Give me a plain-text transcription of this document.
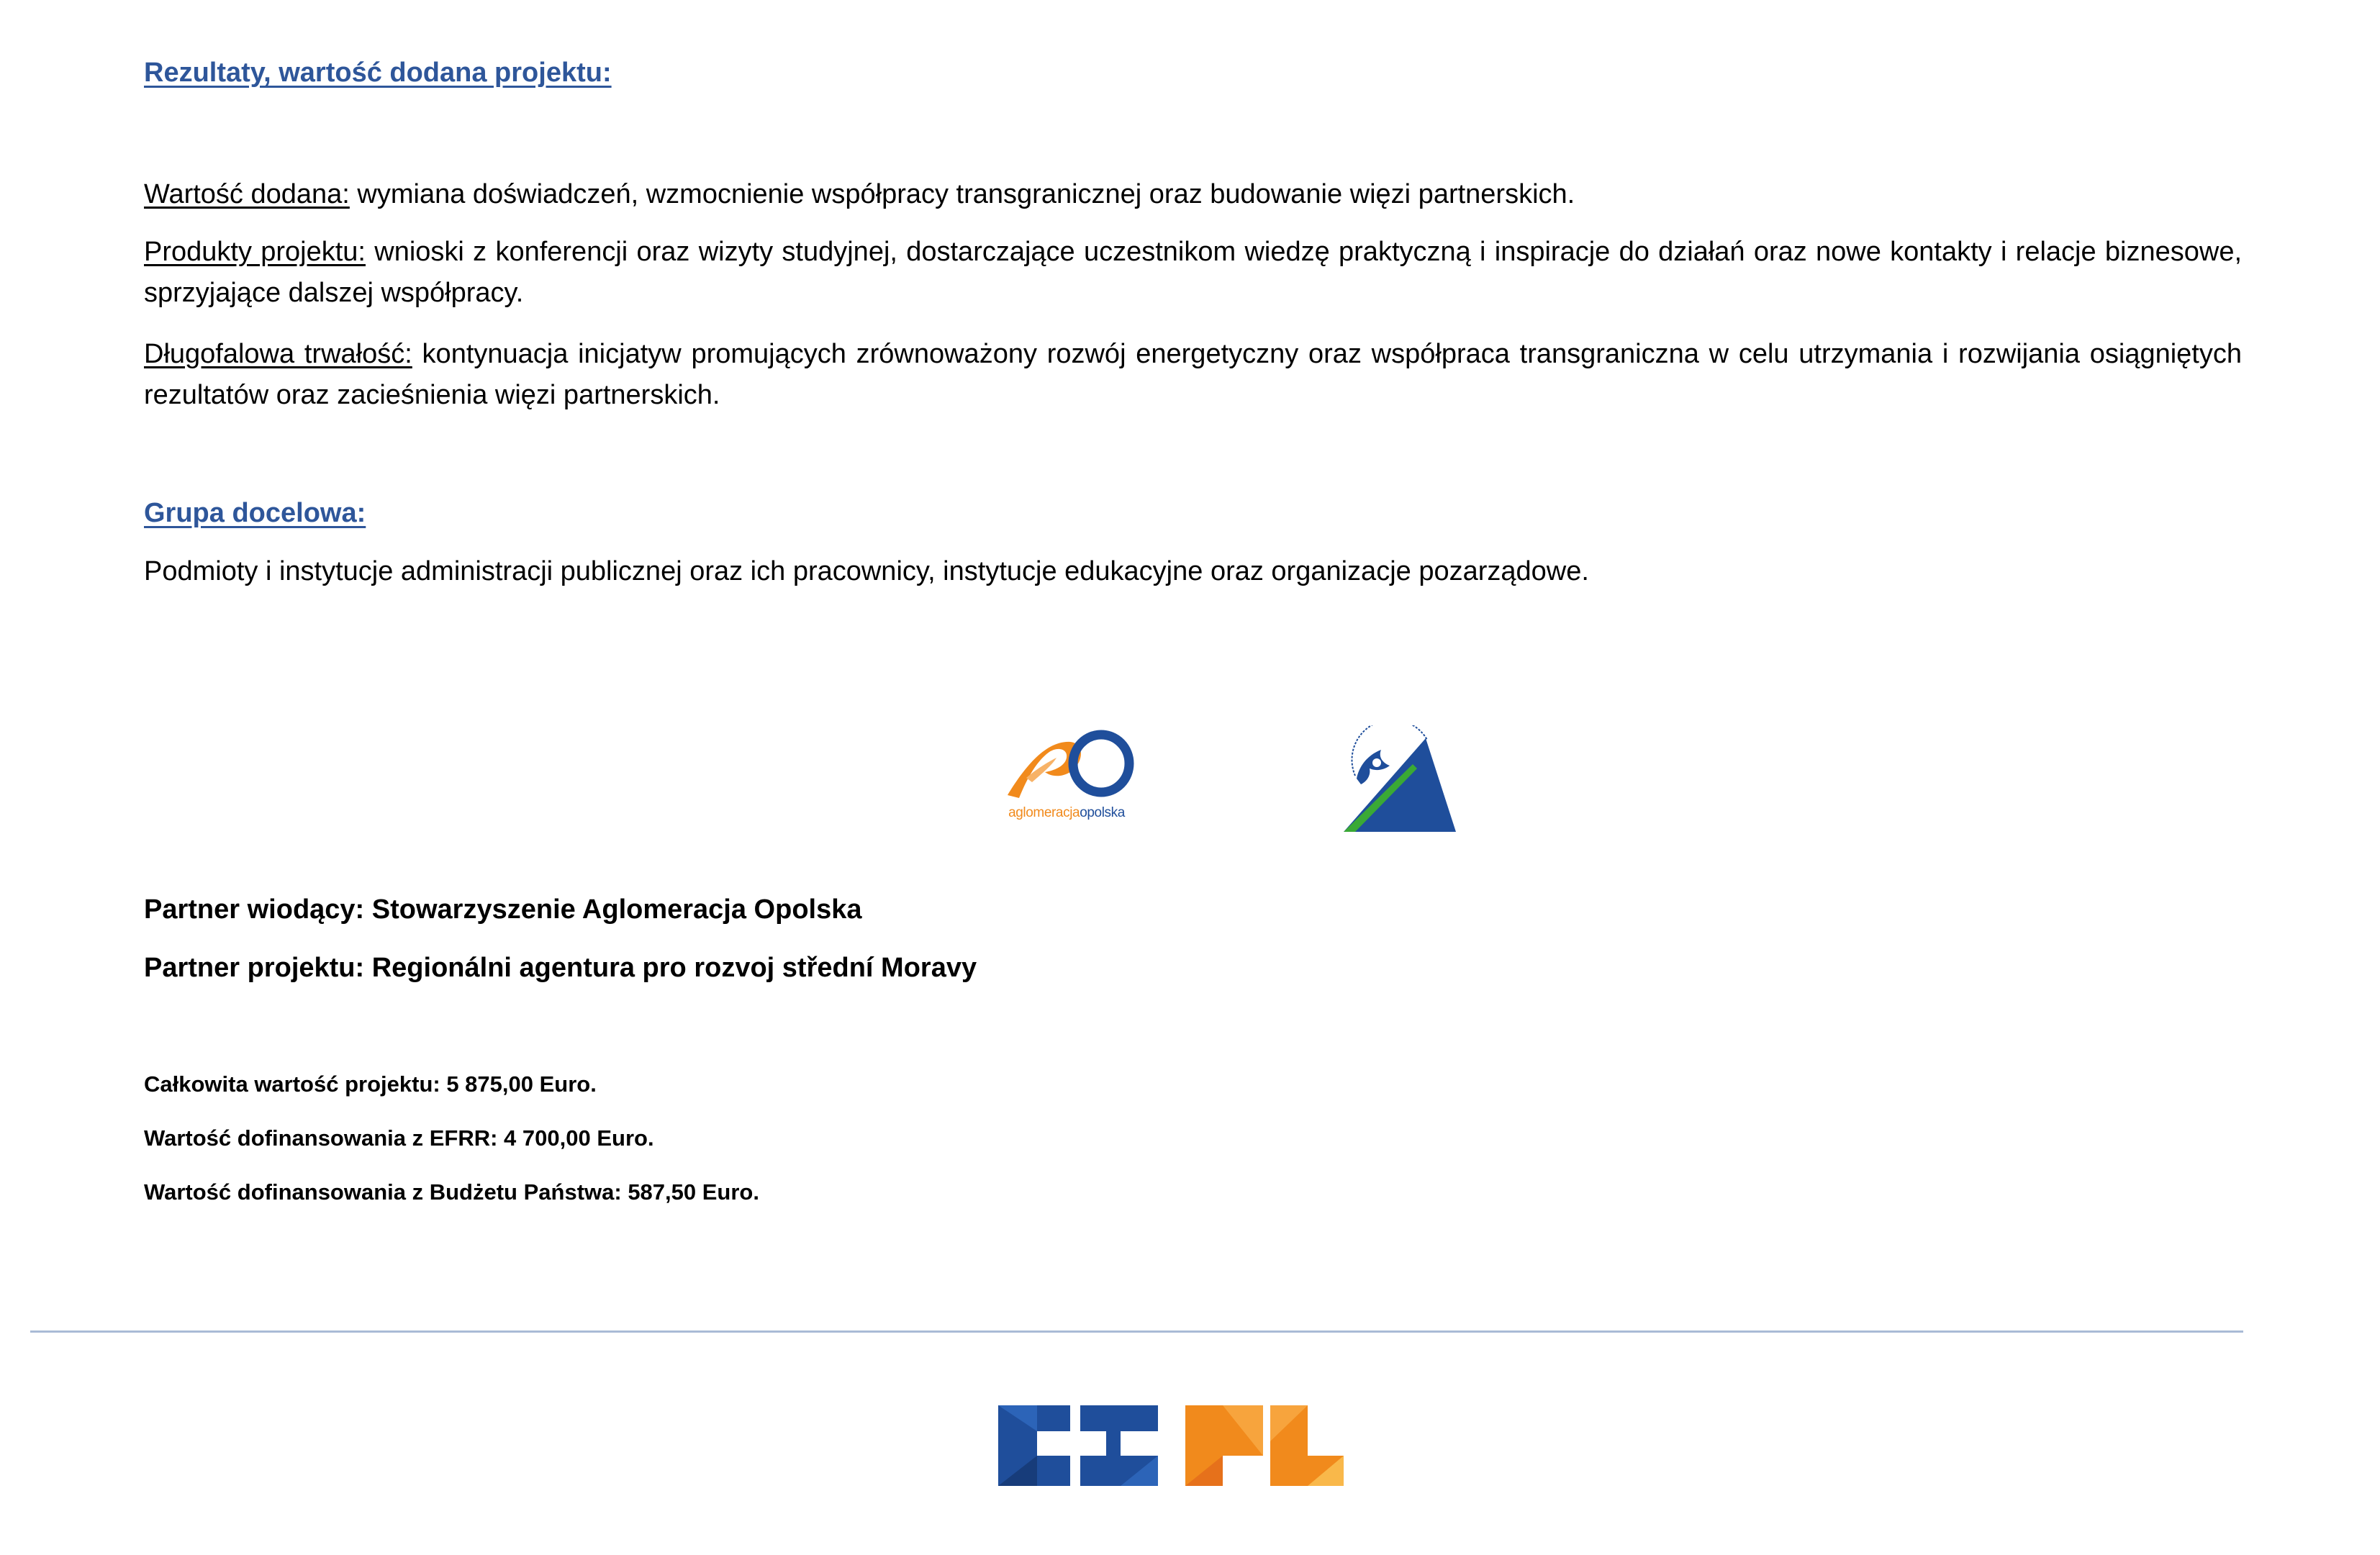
Rezultaty, wartość dodana projektu:

Wartość dodana: wymiana doświadczeń, wzmocnienie współpracy transgranicznej oraz budowanie więzi partnerskich.

Produkty projektu: wnioski z konferencji oraz wizyty studyjnej, dostarczające uczestnikom wiedzę praktyczną i inspiracje do działań oraz nowe kontakty i relacje biznesowe, sprzyjające dalszej współpracy.

Długofalowa trwałość: kontynuacja inicjatyw promujących zrównoważony rozwój energetyczny oraz współpraca transgraniczna w celu utrzymania i rozwijania osiągniętych rezultatów oraz zacieśnienia więzi partnerskich.

Grupa docelowa:

Podmioty i instytucje administracji publicznej oraz ich pracownicy, instytucje edukacyjne oraz organizacje pozarządowe.

aglomeracjaopolska

Partner wiodący: Stowarzyszenie Aglomeracja Opolska

Partner projektu: Regionálni agentura pro rozvoj střední Moravy

Całkowita wartość projektu: 5 875,00 Euro.

Wartość dofinansowania z EFRR: 4 700,00 Euro.

Wartość dofinansowania z Budżetu Państwa: 587,50 Euro.
